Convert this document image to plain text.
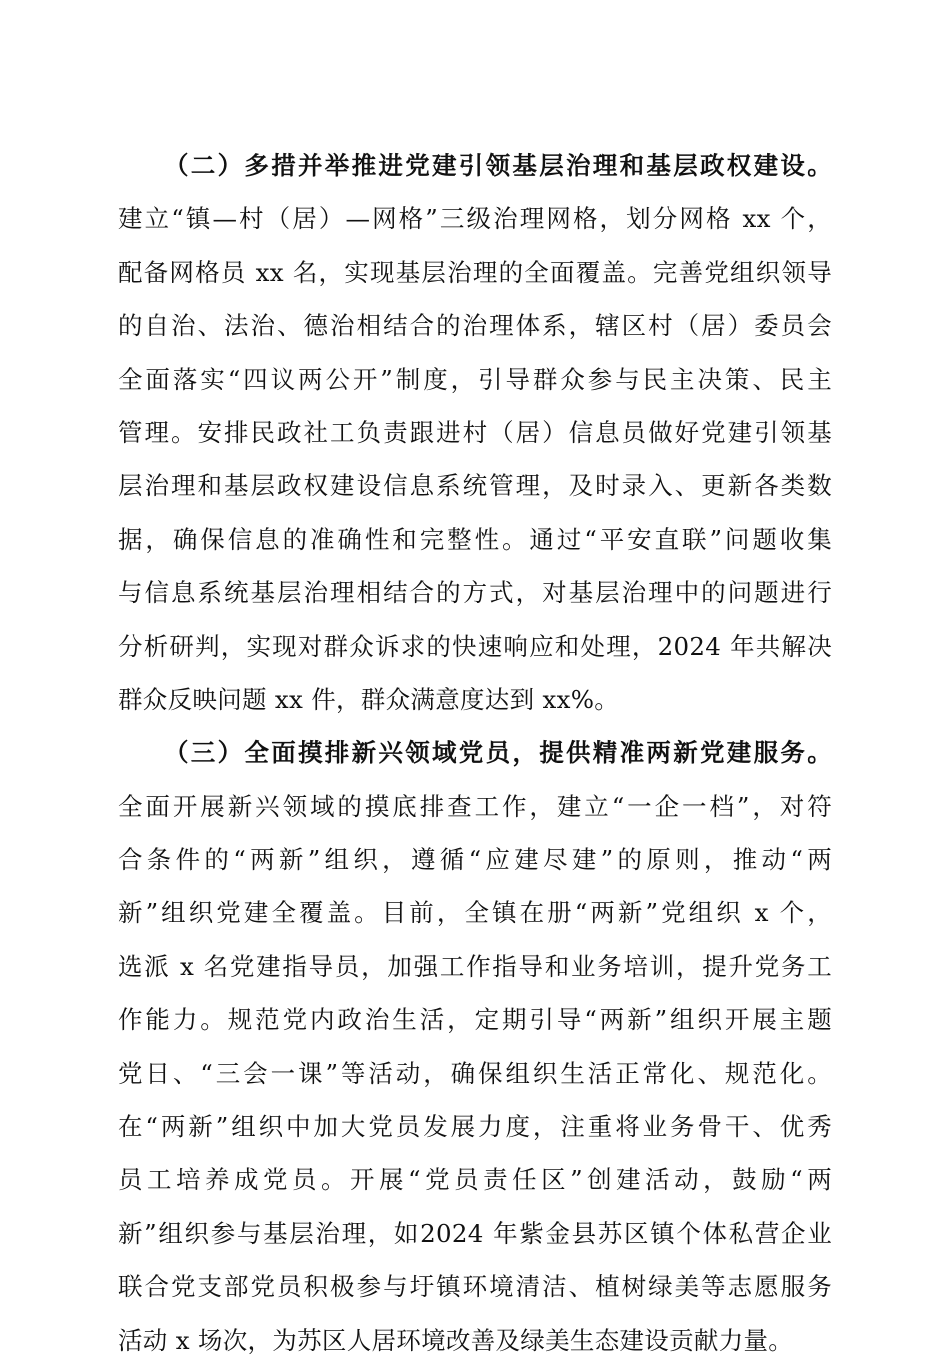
（二）多措并举推进党建引领基层治理和基层政权建设。
建立“镇—村（居）—网格”三级治理网格，划分网格 xx 个，
配备网格员 xx 名，实现基层治理的全面覆盖。完善党组织领导
的自治、法治、德治相结合的治理体系，辖区村（居）委员会
全面落实“四议两公开”制度，引导群众参与民主决策、民主
管理。安排民政社工负责跟进村（居）信息员做好党建引领基
层治理和基层政权建设信息系统管理，及时录入、更新各类数
据，确保信息的准确性和完整性。通过“平安直联”问题收集
与信息系统基层治理相结合的方式，对基层治理中的问题进行
分析研判，实现对群众诉求的快速响应和处理，2024 年共解决
群众反映问题 xx 件，群众满意度达到 xx%。
（三）全面摸排新兴领域党员，提供精准两新党建服务。
全面开展新兴领域的摸底排查工作，建立“一企一档”，对符
合条件的“两新”组织，遵循“应建尽建”的原则，推动“两
新”组织党建全覆盖。目前，全镇在册“两新”党组织 x 个，
选派 x 名党建指导员，加强工作指导和业务培训，提升党务工
作能力。规范党内政治生活，定期引导“两新”组织开展主题
党日、“三会一课”等活动，确保组织生活正常化、规范化。
在“两新”组织中加大党员发展力度，注重将业务骨干、优秀
员工培养成党员。开展“党员责任区”创建活动，鼓励“两
新”组织参与基层治理，如2024 年紫金县苏区镇个体私营企业
联合党支部党员积极参与圩镇环境清洁、植树绿美等志愿服务
活动 x 场次，为苏区人居环境改善及绿美生态建设贡献力量。
